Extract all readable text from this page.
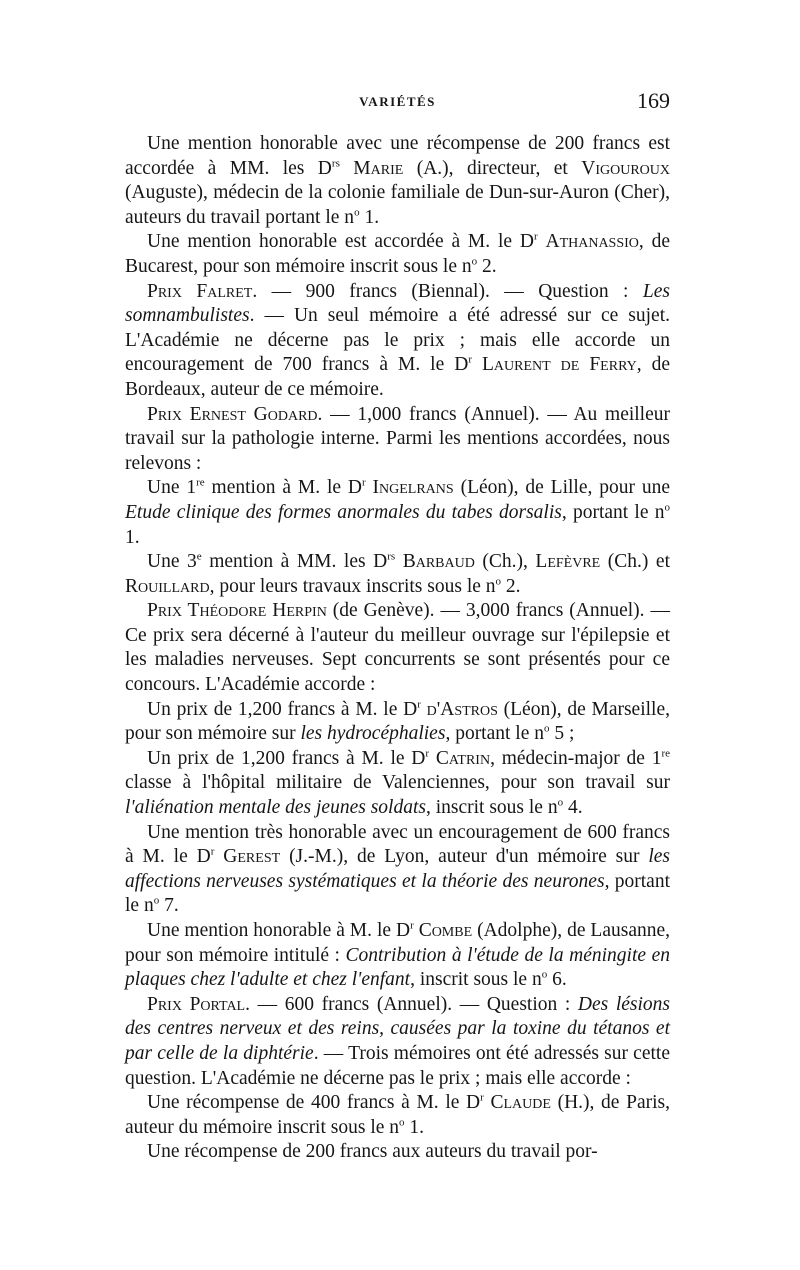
VARIÉTÉS	169

Une mention honorable avec une récompense de 200 francs est accordée à MM. les $D^{rs}$ Marie (A.), directeur, et Vigouroux (Auguste), médecin de la colonie familiale de Dun-sur-Auron (Cher), auteurs du travail portant le $n^o$ 1.

Une mention honorable est accordée à M. le $D^r$ Athanassio, de Bucarest, pour son mémoire inscrit sous le $n^o$ 2.

Prix Falret. — 900 francs (Biennal). — Question : Les somnambulistes. — Un seul mémoire a été adressé sur ce sujet. L'Académie ne décerne pas le prix ; mais elle accorde un encouragement de 700 francs à M. le $D^r$ Laurent de Ferry, de Bordeaux, auteur de ce mémoire.

Prix Ernest Godard. — 1,000 francs (Annuel). — Au meilleur travail sur la pathologie interne. Parmi les mentions accordées, nous relevons :

Une 1re mention à M. le $D^r$ Ingelrans (Léon), de Lille, pour une Etude clinique des formes anormales du tabes dorsalis, portant le $n^o$ 1.

Une 3e mention à MM. les $D^{rs}$ Barbaud (Ch.), Lefèvre (Ch.) et Rouillard, pour leurs travaux inscrits sous le $n^o$ 2.

Prix Théodore Herpin (de Genève). — 3,000 francs (Annuel). — Ce prix sera décerné à l'auteur du meilleur ouvrage sur l'épilepsie et les maladies nerveuses. Sept concurrents se sont présentés pour ce concours. L'Académie accorde :

Un prix de 1,200 francs à M. le $D^r$ d'Astros (Léon), de Marseille, pour son mémoire sur les hydrocéphalies, portant le $n^o$ 5 ;

Un prix de 1,200 francs à M. le $D^r$ Catrin, médecin-major de 1re classe à l'hôpital militaire de Valenciennes, pour son travail sur l'aliénation mentale des jeunes soldats, inscrit sous le $n^o$ 4.

Une mention très honorable avec un encouragement de 600 francs à M. le $D^r$ Gerest (J.-M.), de Lyon, auteur d'un mémoire sur les affections nerveuses systématiques et la théorie des neurones, portant le $n^o$ 7.

Une mention honorable à M. le $D^r$ Combe (Adolphe), de Lausanne, pour son mémoire intitulé : Contribution à l'étude de la méningite en plaques chez l'adulte et chez l'enfant, inscrit sous le $n^o$ 6.

Prix Portal. — 600 francs (Annuel). — Question : Des lésions des centres nerveux et des reins, causées par la toxine du tétanos et par celle de la diphtérie. — Trois mémoires ont été adressés sur cette question. L'Académie ne décerne pas le prix ; mais elle accorde :

Une récompense de 400 francs à M. le $D^r$ Claude (H.), de Paris, auteur du mémoire inscrit sous le $n^o$ 1.

Une récompense de 200 francs aux auteurs du travail por-
